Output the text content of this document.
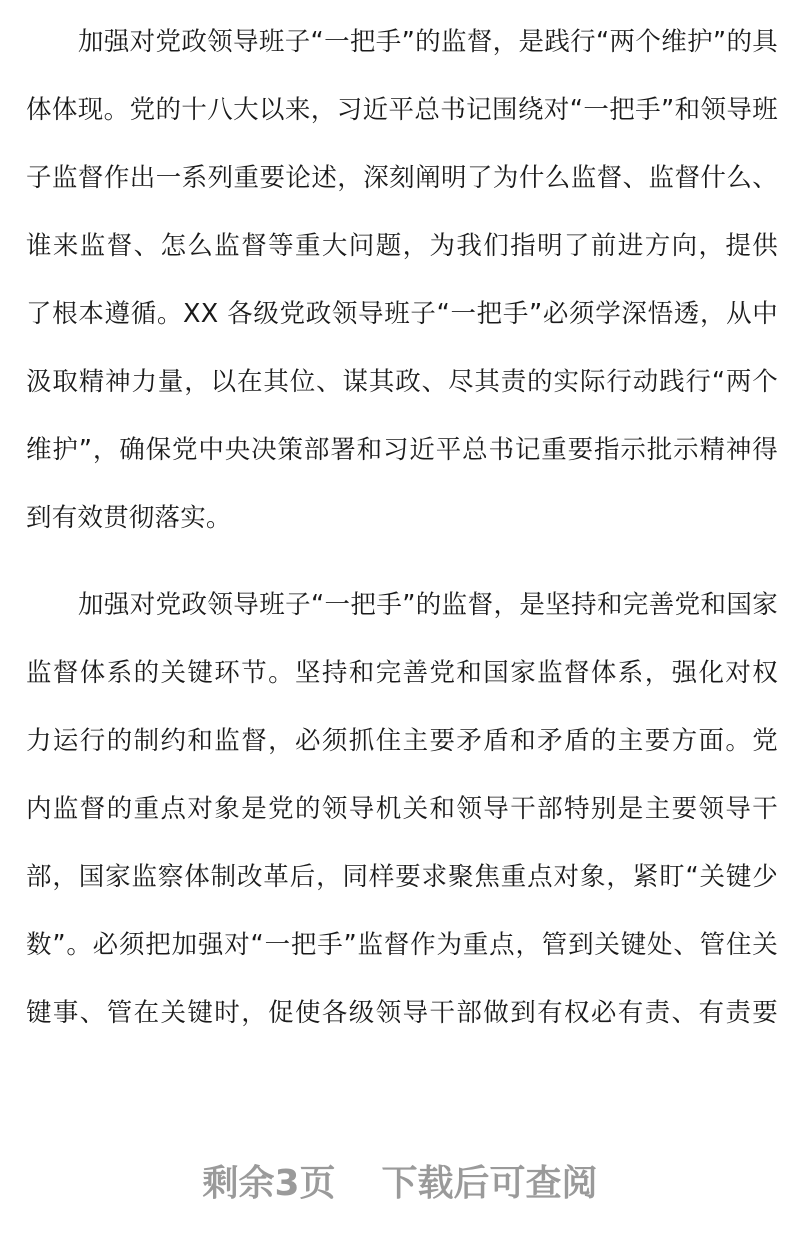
加强对党政领导班子“一把手”的监督，是践行“两个维护”的具
体体现。党的十八大以来，习近平总书记围绕对“一把手”和领导班
子监督作出一系列重要论述，深刻阐明了为什么监督、监督什么、
谁来监督、怎么监督等重大问题，为我们指明了前进方向，提供
了根本遵循。XX 各级党政领导班子“一把手”必须学深悟透，从中
汲取精神力量，以在其位、谋其政、尽其责的实际行动践行“两个
维护”，确保党中央决策部署和习近平总书记重要指示批示精神得
到有效贯彻落实。
加强对党政领导班子“一把手”的监督，是坚持和完善党和国家
监督体系的关键环节。坚持和完善党和国家监督体系，强化对权
力运行的制约和监督，必须抓住主要矛盾和矛盾的主要方面。党
内监督的重点对象是党的领导机关和领导干部特别是主要领导干
部，国家监察体制改革后，同样要求聚焦重点对象，紧盯“关键少
数”。必须把加强对“一把手”监督作为重点，管到关键处、管住关
键事、管在关键时，促使各级领导干部做到有权必有责、有责要
剩余3页 下载后可查阅
